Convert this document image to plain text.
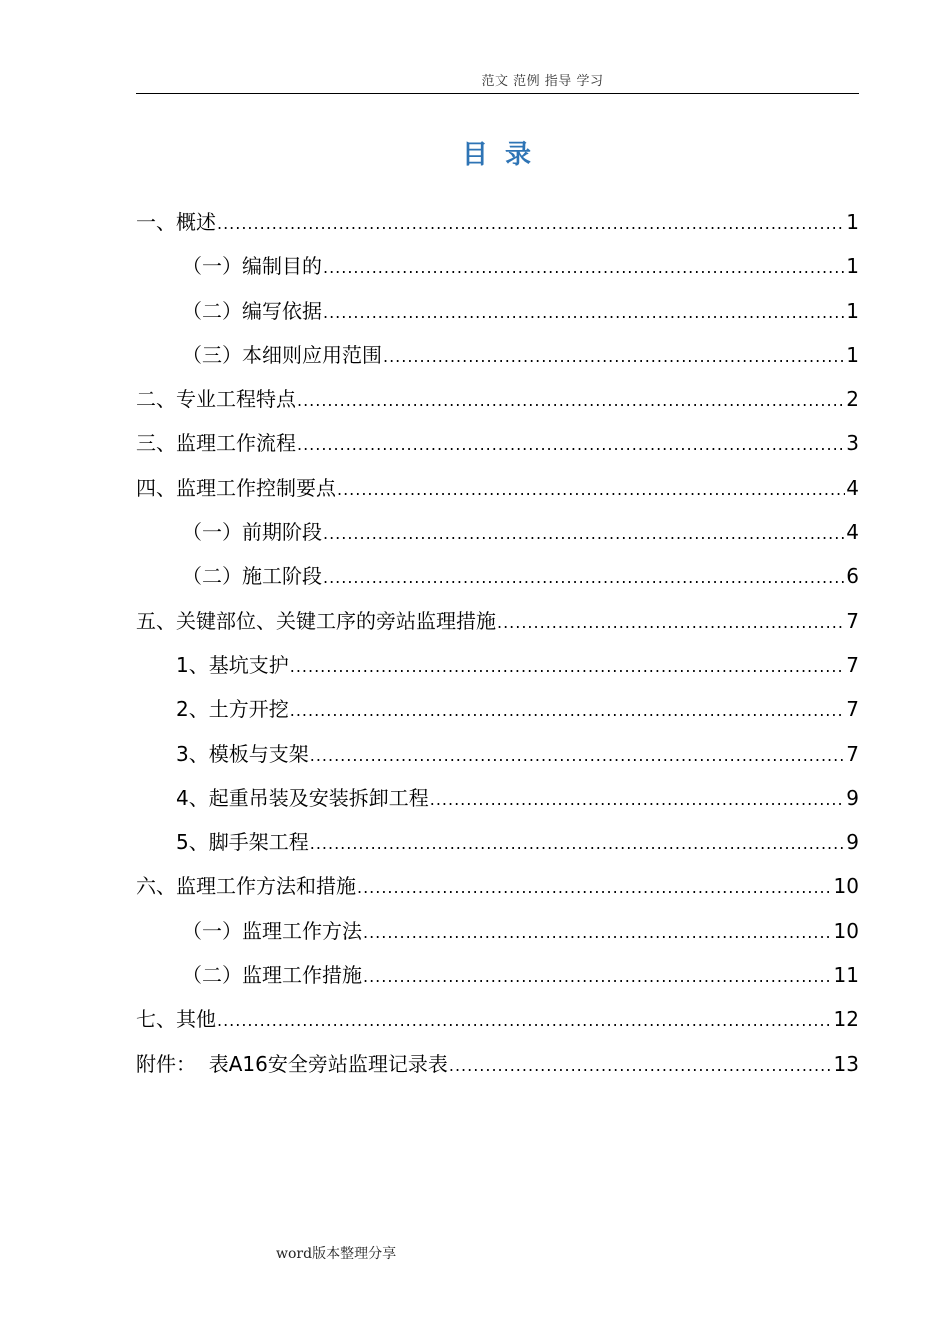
范文 范例 指导 学习
目 录
一、概述 .....	1
（一）编制目的 .....	1
（二）编写依据 .....	1
（三）本细则应用范围 .....	1
二、专业工程特点 .....	2
三、监理工作流程 .....	3
四、监理工作控制要点 .....	4
（一）前期阶段 .....	4
（二）施工阶段 .....	6
五、关键部位、关键工序的旁站监理措施 .....	7
1、基坑支护 .....	7
2、土方开挖 .....	7
3、模板与支架 .....	7
4、起重吊装及安装拆卸工程 .....	9
5、脚手架工程 .....	9
六、监理工作方法和措施 .....	10
（一）监理工作方法 .....	10
（二）监理工作措施 .....	11
七、其他 .....	12
附件：  表A16安全旁站监理记录表 .....	13
word版本整理分享
